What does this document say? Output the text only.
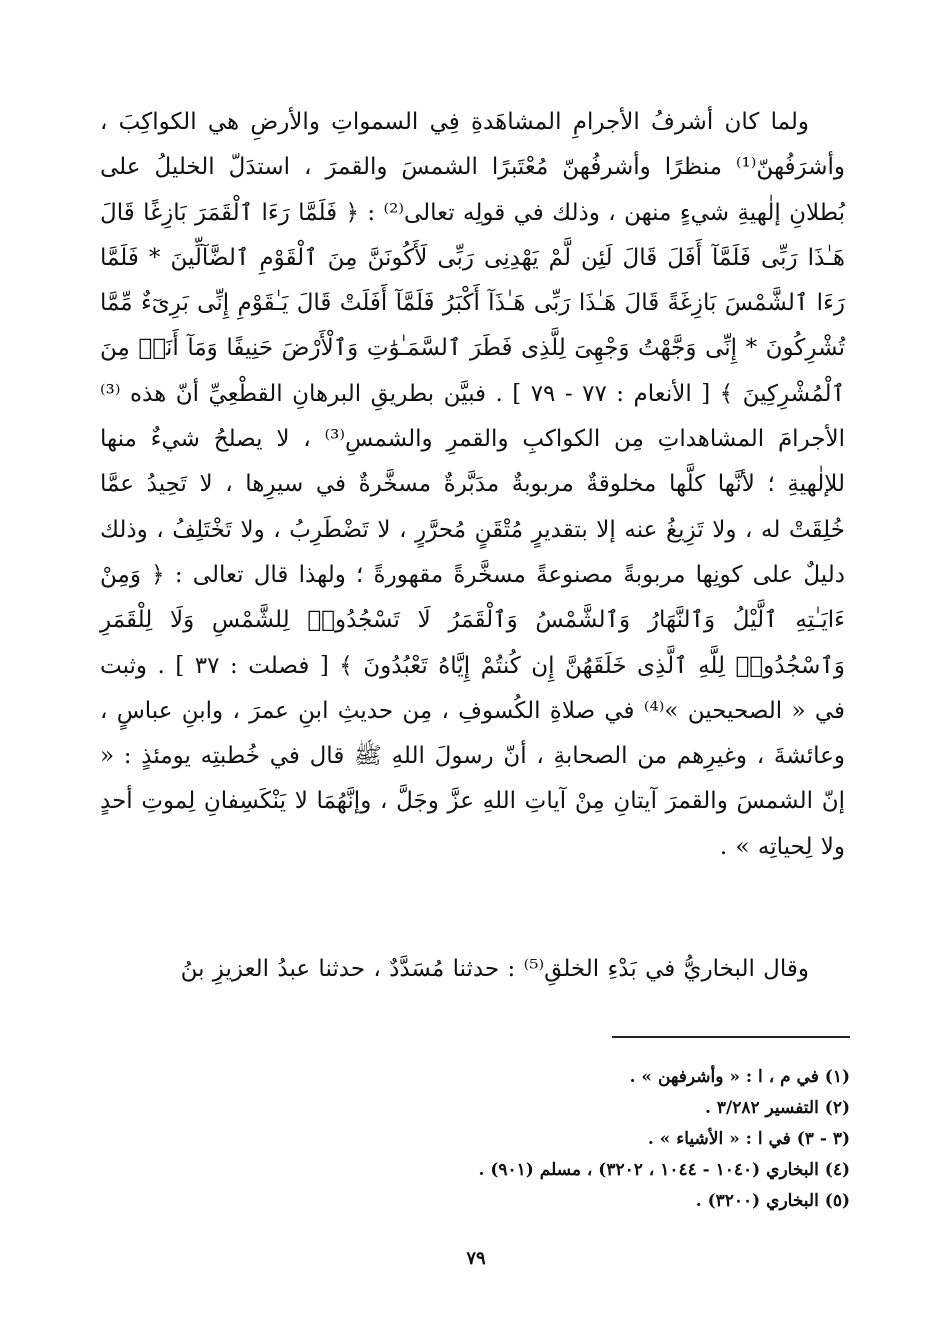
ولما كان أشرفُ الأجرامِ المشاهَدةِ فِي السمواتِ والأرضِ هي الكواكِبَ ، وأشرَفُهنّ⁽¹⁾ منظرًا وأشرفُهنّ مُعْتَبرًا الشمسَ والقمرَ ، استدَلّ الخليلُ على بُطلانِ إلٰهيةِ شيءٍ منهن ، وذلك في قولِه تعالى⁽²⁾ : ﴿ فَلَمَّا رَءَا ٱلْقَمَرَ بَازِغًا قَالَ هَـٰذَا رَبِّى فَلَمَّآ أَفَلَ قَالَ لَئِن لَّمْ يَهْدِنِى رَبِّى لَأَكُونَنَّ مِنَ ٱلْقَوْمِ ٱلضَّآلِّينَ * فَلَمَّا رَءَا ٱلشَّمْسَ بَازِغَةً قَالَ هَـٰذَا رَبِّى هَـٰذَآ أَكْبَرُ فَلَمَّآ أَفَلَتْ قَالَ يَـٰقَوْمِ إِنِّى بَرِىٓءٌ مِّمَّا تُشْرِكُونَ * إِنِّى وَجَّهْتُ وَجْهِىَ لِلَّذِى فَطَرَ ٱلسَّمَـٰوَٰتِ وَٱلْأَرْضَ حَنِيفًا وَمَآ أَنَا۠ مِنَ ٱلْمُشْرِكِينَ ﴾ [ الأنعام : ٧٧ - ٧٩ ] . فبيَّن بطريقِ البرهانِ القطْعِيِّ أنّ هذه ⁽³⁾الأجرامَ المشاهداتِ مِن الكواكبِ والقمرِ والشمسِ⁽³⁾ ، لا يصلحُ شيءٌ منها للإلٰهيةِ ؛ لأنَّها كلَّها مخلوقةٌ مربوبةٌ مدَبَّرةٌ مسخَّرةٌ في سيرِها ، لا تَحِيدُ عمَّا خُلِقَتْ له ، ولا تَزِيغُ عنه إلا بتقديرٍ مُتْقَنٍ مُحرَّرٍ ، لا تَضْطَرِبُ ، ولا تَخْتَلِفُ ، وذلك دليلٌ على كونِها مربوبةً مصنوعةً مسخَّرةً مقهورةً ؛ ولهذا قال تعالى : ﴿ وَمِنْ ءَايَـٰتِهِ ٱلَّيْلُ وَٱلنَّهَارُ وَٱلشَّمْسُ وَٱلْقَمَرُ لَا تَسْجُدُوا۟ لِلشَّمْسِ وَلَا لِلْقَمَرِ وَٱسْجُدُوا۟ لِلَّهِ ٱلَّذِى خَلَقَهُنَّ إِن كُنتُمْ إِيَّاهُ تَعْبُدُونَ ﴾ [ فصلت : ٣٧ ] . وثبت في « الصحيحين »⁽⁴⁾ في صلاةِ الكُسوفِ ، مِن حديثِ ابنِ عمرَ ، وابنِ عباسٍ ، وعائشةَ ، وغيرِهم من الصحابةِ ، أنّ رسولَ اللهِ ﷺ قال في خُطبتِه يومئذٍ : « إنّ الشمسَ والقمرَ آيتانِ مِنْ آياتِ اللهِ عزَّ وجَلَّ ، وإنَّهُمَا لا يَنْكَسِفانِ لِموتِ أحدٍ ولا لِحياتِه » .

وقال البخاريُّ في بَدْءِ الخلقِ⁽⁵⁾ : حدثنا مُسَدَّدٌ ، حدثنا عبدُ العزيزِ بنُ

(١) في م ، ا : « وأشرفهن » .
(٢) التفسير ٣/٢٨٢ .
(٣ - ٣) في ا : « الأشياء » .
(٤) البخاري (١٠٤٠ - ١٠٤٤ ، ٣٢٠٢) ، مسلم (٩٠١) .
(٥) البخاري (٣٢٠٠) .
٧٩
